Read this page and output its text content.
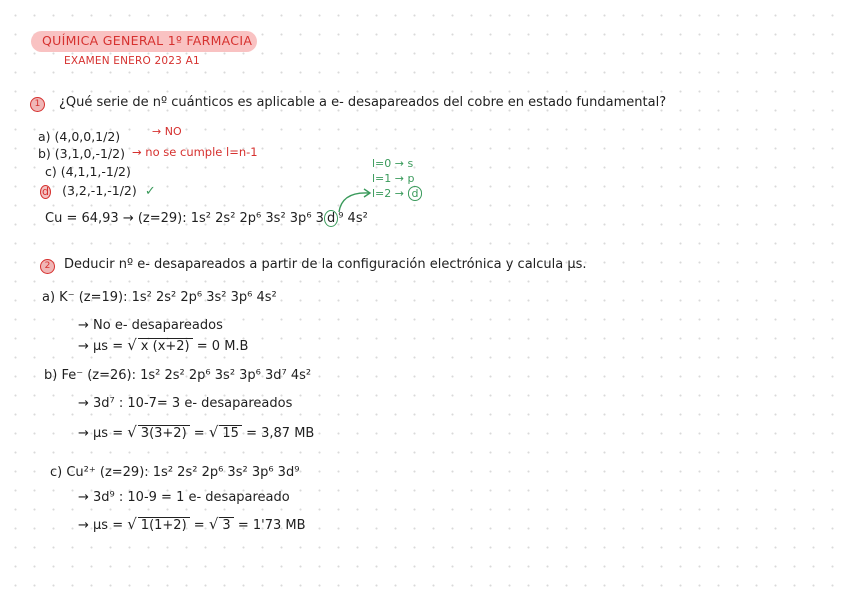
QUÍMICA GENERAL 1º FARMACIA
EXAMEN ENERO 2023 A1
1	¿Qué serie de nº cuánticos es aplicable a e- desapareados del cobre en estado fundamental?
a) (4,0,0,1/2)	→ NO
b) (3,1,0,-1/2) → no se cumple l=n-1
c) (4,1,1,-1/2)
d (3,2,-1,-1/2) ✓
l=0 → s
l=1 → p
l=2 → d
Cu = 64,93 → (z=29): 1s² 2s² 2p⁶ 3s² 3p⁶ 3 d ⁹ 4s²
2	Deducir nº e- desapareados a partir de la configuración electrónica y calcula μs.
a) K⁻ (z=19): 1s² 2s² 2p⁶ 3s² 3p⁶ 4s²
→ No e- desapareados
→ μs = √ x (x+2) = 0 M.B
b) Fe⁻ (z=26): 1s² 2s² 2p⁶ 3s² 3p⁶ 3d⁷ 4s²
→ 3d⁷ : 10-7= 3 e- desapareados
→ μs = √ 3(3+2) = √ 15 = 3,87 MB
c) Cu²⁺ (z=29): 1s² 2s² 2p⁶ 3s² 3p⁶ 3d⁹
→ 3d⁹ : 10-9 = 1 e- desapareado
→ μs = √ 1(1+2) = √ 3 = 1'73 MB
